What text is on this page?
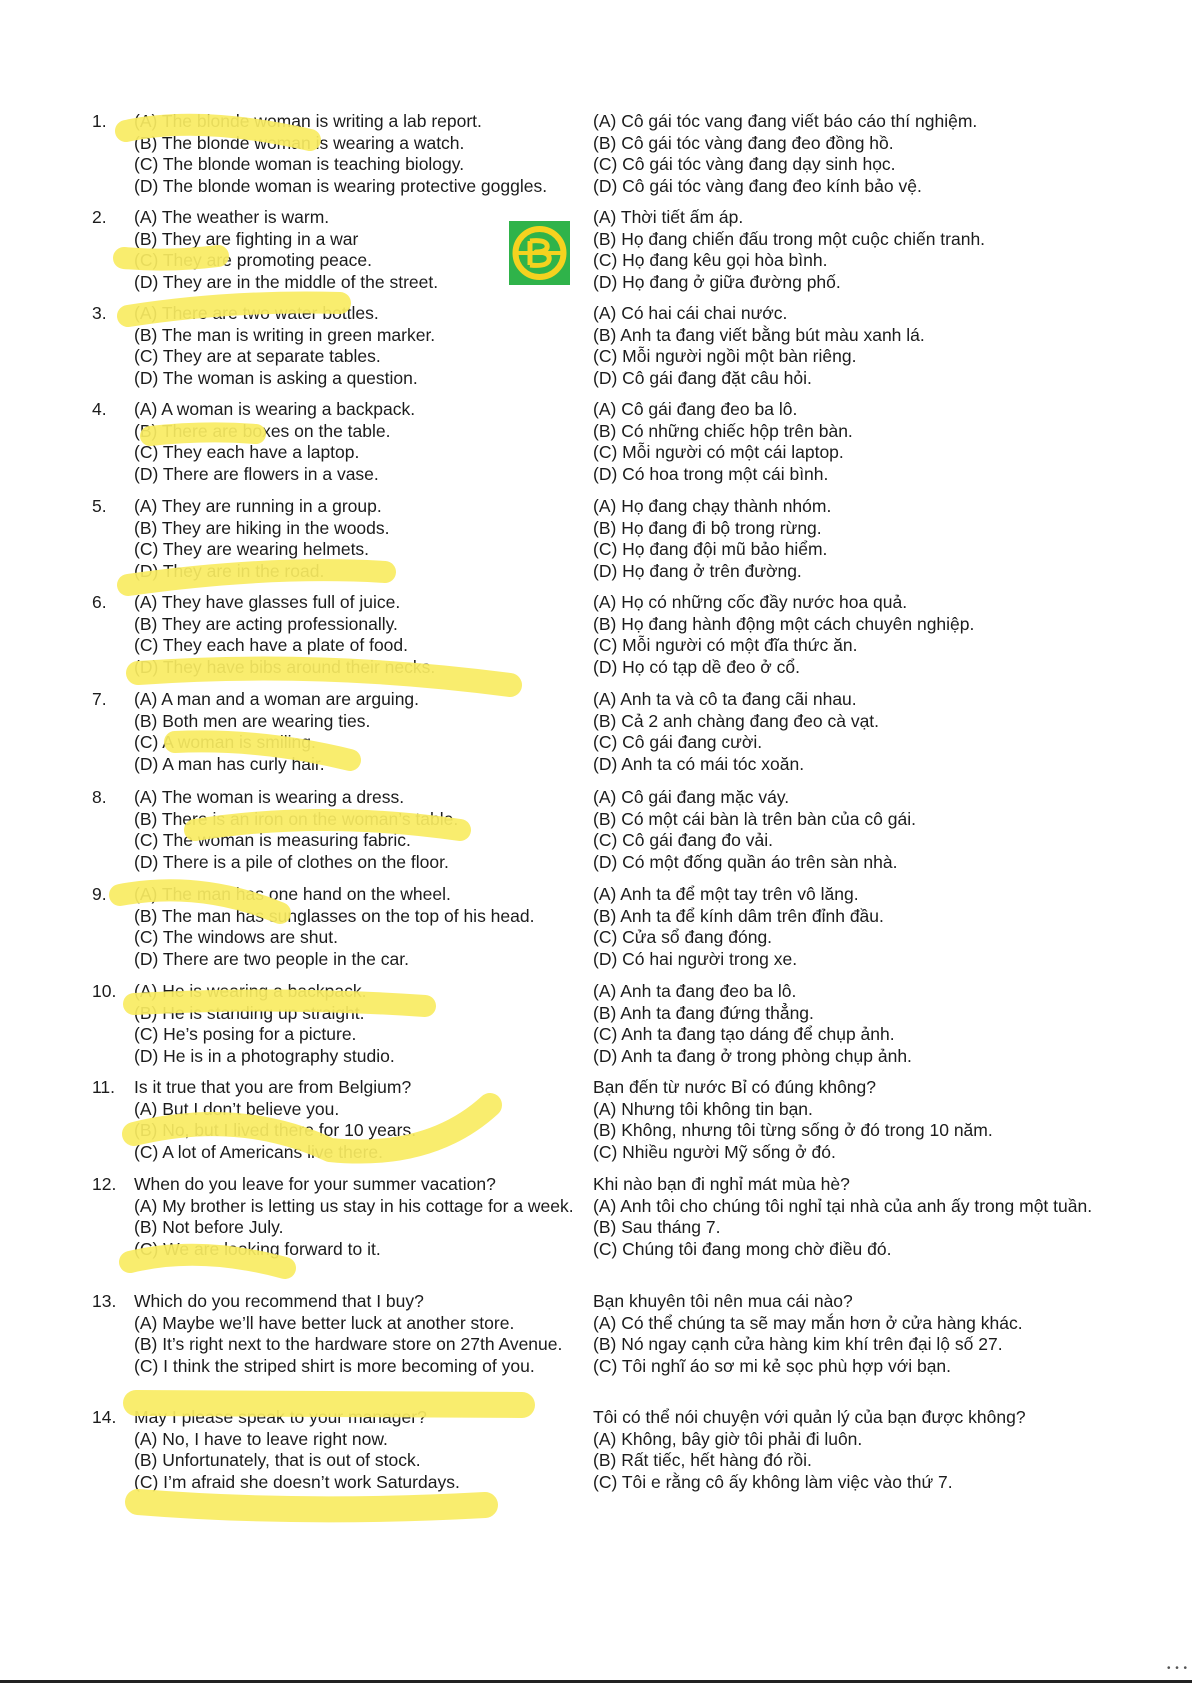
1. (A) The blonde woman is writing a lab report.
(B) The blonde woman is wearing a watch.
(C) The blonde woman is teaching biology.
(D) The blonde woman is wearing protective goggles.
(A) Cô gái tóc vang đang viết báo cáo thí nghiệm.
(B) Cô gái tóc vàng đang đeo đồng hồ.
(C) Cô gái tóc vàng đang dạy sinh học.
(D) Cô gái tóc vàng đang đeo kính bảo vệ.
2. (A) The weather is warm.
(B) They are fighting in a war
(C) They are promoting peace.
(D) They are in the middle of the street.
(A) Thời tiết ấm áp.
(B) Họ đang chiến đấu trong một cuộc chiến tranh.
(C) Họ đang kêu gọi hòa bình.
(D) Họ đang ở giữa đường phố.
3. (A) There are two water bottles.
(B) The man is writing in green marker.
(C) They are at separate tables.
(D) The woman is asking a question.
(A) Có hai cái chai nước.
(B) Anh ta đang viết bằng bút màu xanh lá.
(C) Mỗi người ngồi một bàn riêng.
(D) Cô gái đang đặt câu hỏi.
4. (A) A woman is wearing a backpack.
(B) There are boxes on the table.
(C) They each have a laptop.
(D) There are flowers in a vase.
(A) Cô gái đang đeo ba lô.
(B) Có những chiếc hộp trên bàn.
(C) Mỗi người có một cái laptop.
(D) Có hoa trong một cái bình.
5. (A) They are running in a group.
(B) They are hiking in the woods.
(C) They are wearing helmets.
(D) They are in the road.
(A) Họ đang chạy thành nhóm.
(B) Họ đang đi bộ trong rừng.
(C) Họ đang đội mũ bảo hiểm.
(D) Họ đang ở trên đường.
6. (A) They have glasses full of juice.
(B) They are acting professionally.
(C) They each have a plate of food.
(D) They have bibs around their necks.
(A) Họ có những cốc đầy nước hoa quả.
(B) Họ đang hành động một cách chuyên nghiệp.
(C) Mỗi người có một đĩa thức ăn.
(D) Họ có tạp dề đeo ở cổ.
7. (A) A man and a woman are arguing.
(B) Both men are wearing ties.
(C) A woman is smiling.
(D) A man has curly hair.
(A) Anh ta và cô ta đang cãi nhau.
(B) Cả 2 anh chàng đang đeo cà vạt.
(C) Cô gái đang cười.
(D) Anh ta có mái tóc xoăn.
8. (A) The woman is wearing a dress.
(B) There is an iron on the woman’s table.
(C) The woman is measuring fabric.
(D) There is a pile of clothes on the floor.
(A) Cô gái đang mặc váy.
(B) Có một cái bàn là trên bàn của cô gái.
(C) Cô gái đang đo vải.
(D) Có một đống quần áo trên sàn nhà.
9. (A) The man has one hand on the wheel.
(B) The man has sunglasses on the top of his head.
(C) The windows are shut.
(D) There are two people in the car.
(A) Anh ta để một tay trên vô lăng.
(B) Anh ta để kính dâm trên đỉnh đầu.
(C) Cửa sổ đang đóng.
(D) Có hai người trong xe.
10. (A) He is wearing a backpack.
(B) He is standing up straight.
(C) He’s posing for a picture.
(D) He is in a photography studio.
(A) Anh ta đang đeo ba lô.
(B) Anh ta đang đứng thẳng.
(C) Anh ta đang tạo dáng để chụp ảnh.
(D) Anh ta đang ở trong phòng chụp ảnh.
11. Is it true that you are from Belgium?
(A) But I don’t believe you.
(B) No, but I lived there for 10 years.
(C) A lot of Americans live there.
Bạn đến từ nước Bỉ có đúng không?
(A) Nhưng tôi không tin bạn.
(B) Không, nhưng tôi từng sống ở đó trong 10 năm.
(C) Nhiều người Mỹ sống ở đó.
12. When do you leave for your summer vacation?
(A) My brother is letting us stay in his cottage for a week.
(B) Not before July.
(C) We are looking forward to it.
Khi nào bạn đi nghỉ mát mùa hè?
(A) Anh tôi cho chúng tôi nghỉ tại nhà của anh ấy trong một tuần.
(B) Sau tháng 7.
(C) Chúng tôi đang mong chờ điều đó.
13. Which do you recommend that I buy?
(A) Maybe we’ll have better luck at another store.
(B) It’s right next to the hardware store on 27th Avenue.
(C) I think the striped shirt is more becoming of you.
Bạn khuyên tôi nên mua cái nào?
(A) Có thể chúng ta sẽ may mắn hơn ở cửa hàng khác.
(B) Nó ngay cạnh cửa hàng kim khí trên đại lộ số 27.
(C) Tôi nghĩ áo sơ mi kẻ sọc phù hợp với bạn.
14. May I please speak to your manager?
(A) No, I have to leave right now.
(B) Unfortunately, that is out of stock.
(C) I’m afraid she doesn’t work Saturdays.
Tôi có thể nói chuyện với quản lý của bạn được không?
(A) Không, bây giờ tôi phải đi luôn.
(B) Rất tiếc, hết hàng đó rồi.
(C) Tôi e rằng cô ấy không làm việc vào thứ 7.
• • •
